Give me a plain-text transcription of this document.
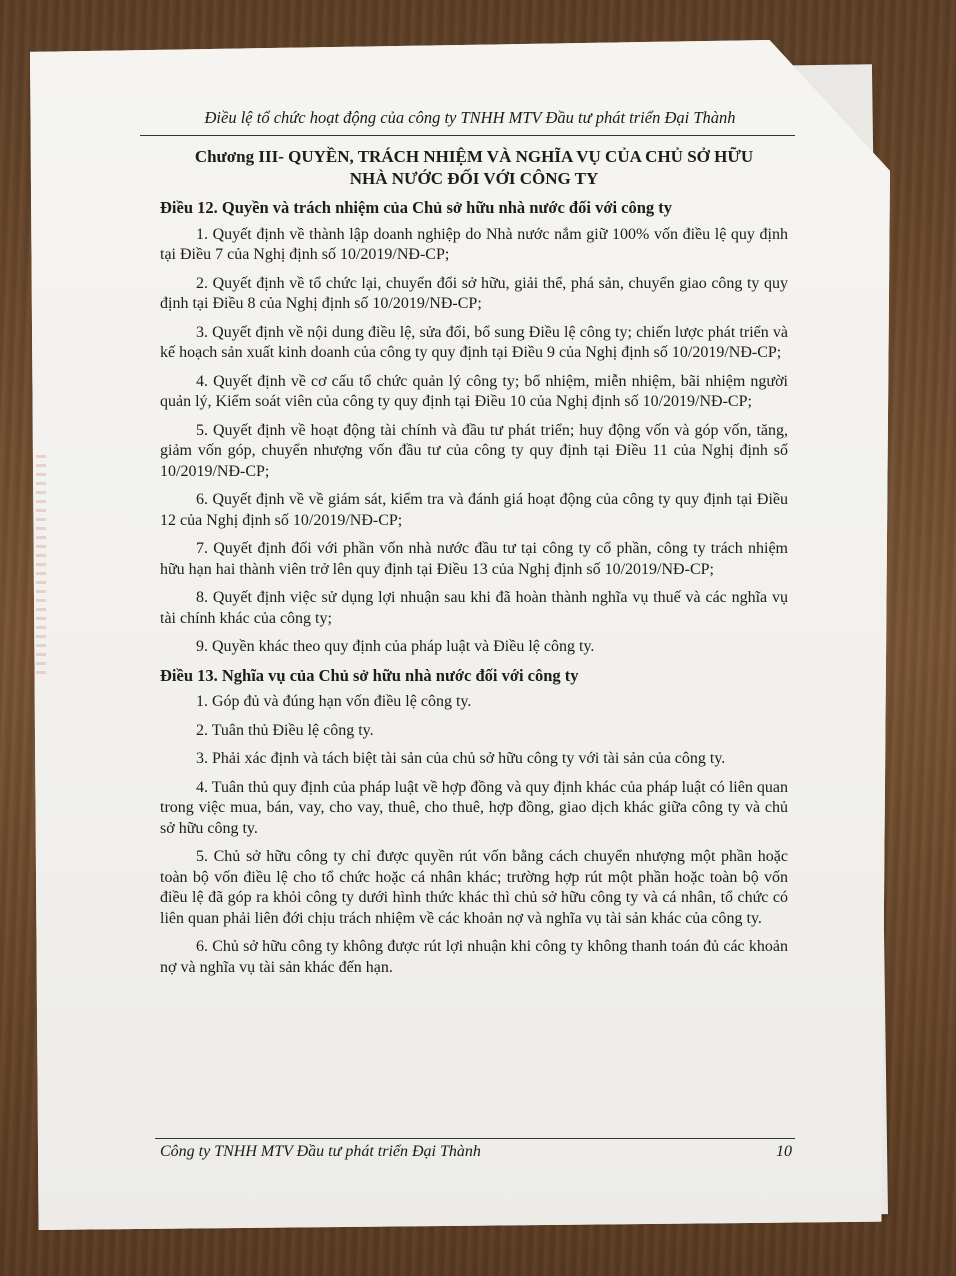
Điều lệ tổ chức hoạt động của công ty TNHH MTV Đầu tư phát triển Đại Thành
Chương III- QUYỀN, TRÁCH NHIỆM VÀ NGHĨA VỤ CỦA CHỦ SỞ HỮU
NHÀ NƯỚC ĐỐI VỚI CÔNG TY
Điều 12. Quyền và trách nhiệm của Chủ sở hữu nhà nước đối với công ty

1. Quyết định về thành lập doanh nghiệp do Nhà nước nắm giữ 100% vốn điều lệ quy định tại Điều 7 của Nghị định số 10/2019/NĐ-CP;

2. Quyết định về tổ chức lại, chuyển đổi sở hữu, giải thể, phá sản, chuyển giao công ty quy định tại Điều 8 của Nghị định số 10/2019/NĐ-CP;

3. Quyết định về nội dung điều lệ, sửa đổi, bổ sung Điều lệ công ty; chiến lược phát triển và kế hoạch sản xuất kinh doanh của công ty quy định tại Điều 9 của Nghị định số 10/2019/NĐ-CP;

4. Quyết định về cơ cấu tổ chức quản lý công ty; bổ nhiệm, miễn nhiệm, bãi nhiệm người quản lý, Kiểm soát viên của công ty quy định tại Điều 10 của Nghị định số 10/2019/NĐ-CP;

5. Quyết định về hoạt động tài chính và đầu tư phát triển; huy động vốn và góp vốn, tăng, giảm vốn góp, chuyển nhượng vốn đầu tư của công ty quy định tại Điều 11 của Nghị định số 10/2019/NĐ-CP;

6. Quyết định về về giám sát, kiểm tra và đánh giá hoạt động của công ty quy định tại Điều 12 của Nghị định số 10/2019/NĐ-CP;

7. Quyết định đối với phần vốn nhà nước đầu tư tại công ty cổ phần, công ty trách nhiệm hữu hạn hai thành viên trở lên quy định tại Điều 13 của Nghị định số 10/2019/NĐ-CP;

8. Quyết định việc sử dụng lợi nhuận sau khi đã hoàn thành nghĩa vụ thuế và các nghĩa vụ tài chính khác của công ty;

9. Quyền khác theo quy định của pháp luật và Điều lệ công ty.

Điều 13. Nghĩa vụ của Chủ sở hữu nhà nước đối với công ty

1. Góp đủ và đúng hạn vốn điều lệ công ty.

2. Tuân thủ Điều lệ công ty.

3. Phải xác định và tách biệt tài sản của chủ sở hữu công ty với tài sản của công ty.

4. Tuân thủ quy định của pháp luật về hợp đồng và quy định khác của pháp luật có liên quan trong việc mua, bán, vay, cho vay, thuê, cho thuê, hợp đồng, giao dịch khác giữa công ty và chủ sở hữu công ty.

5. Chủ sở hữu công ty chỉ được quyền rút vốn bằng cách chuyển nhượng một phần hoặc toàn bộ vốn điều lệ cho tổ chức hoặc cá nhân khác; trường hợp rút một phần hoặc toàn bộ vốn điều lệ đã góp ra khỏi công ty dưới hình thức khác thì chủ sở hữu công ty và cá nhân, tổ chức có liên quan phải liên đới chịu trách nhiệm về các khoản nợ và nghĩa vụ tài sản khác của công ty.

6. Chủ sở hữu công ty không được rút lợi nhuận khi công ty không thanh toán đủ các khoản nợ và nghĩa vụ tài sản khác đến hạn.

Công ty TNHH MTV Đầu tư phát triển Đại Thành	10
